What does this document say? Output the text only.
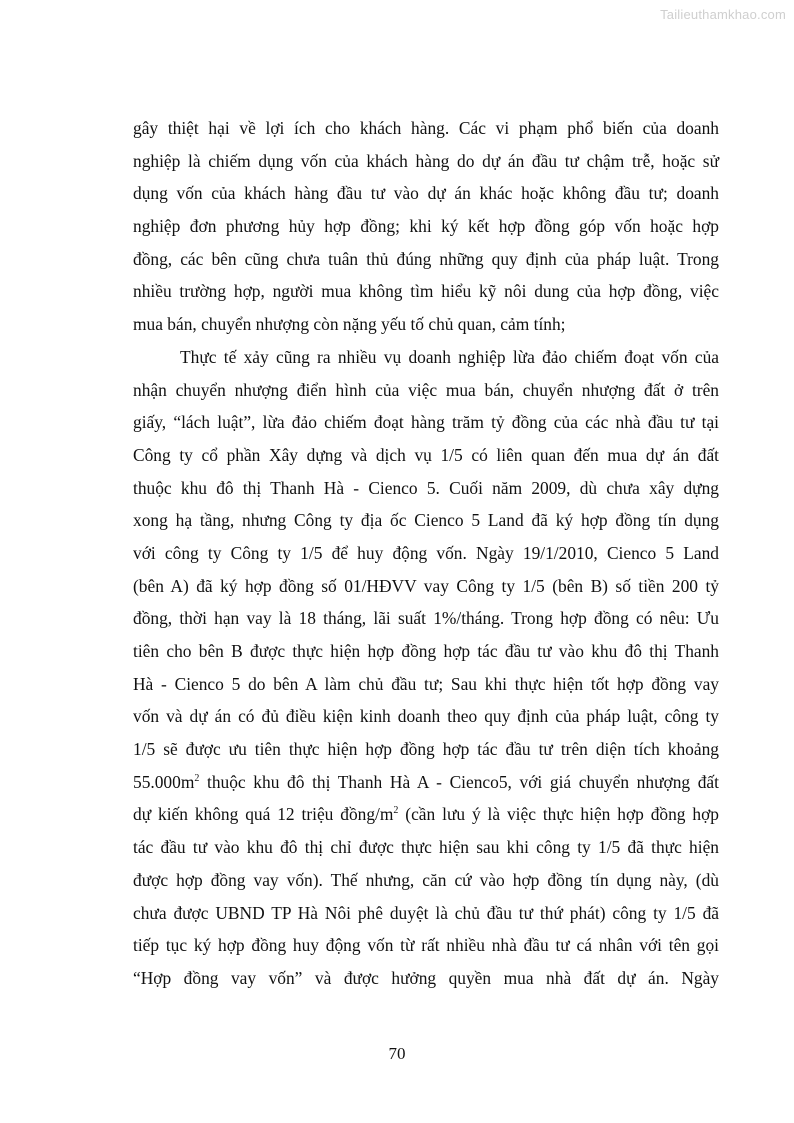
Tailieuthamkhao.com
gây thiệt hại về lợi ích cho khách hàng. Các vi phạm phổ biến của doanh
nghiệp là chiếm dụng vốn của khách hàng do dự án đầu tư chậm trễ, hoặc sử
dụng vốn của khách hàng đầu tư vào dự án khác hoặc không đầu tư; doanh
nghiệp đơn phương hủy hợp đồng; khi ký kết hợp đồng góp vốn hoặc hợp
đồng, các bên cũng chưa tuân thủ đúng những quy định của pháp luật. Trong
nhiều trường hợp, người mua không tìm hiểu kỹ nôi dung của hợp đồng, việc
mua bán, chuyển nhượng còn nặng yếu tố chủ quan, cảm tính;
Thực tế xảy cũng ra nhiều vụ doanh nghiệp lừa đảo chiếm đoạt vốn của
nhận chuyển nhượng điển hình của việc mua bán, chuyển nhượng đất ở trên
giấy, “lách luật”, lừa đảo chiếm đoạt hàng trăm tỷ đồng của các nhà đầu tư tại
Công ty cổ phần Xây dựng và dịch vụ 1/5 có liên quan đến mua dự án đất
thuộc khu đô thị Thanh Hà - Cienco 5. Cuối năm 2009, dù chưa xây dựng
xong hạ tầng, nhưng Công ty địa ốc Cienco 5 Land đã ký hợp đồng tín dụng
với công ty Công ty 1/5 để huy động vốn. Ngày 19/1/2010, Cienco 5 Land
(bên A) đã ký hợp đồng số 01/HĐVV vay Công ty 1/5 (bên B) số tiền 200 tỷ
đồng, thời hạn vay là 18 tháng, lãi suất 1%/tháng. Trong hợp đồng có nêu: Ưu
tiên cho bên B được thực hiện hợp đồng hợp tác đầu tư vào khu đô thị Thanh
Hà - Cienco 5 do bên A làm chủ đầu tư; Sau khi thực hiện tốt hợp đồng vay
vốn và dự án có đủ điều kiện kinh doanh theo quy định của pháp luật, công ty
1/5 sẽ được ưu tiên thực hiện hợp đồng hợp tác đầu tư trên diện tích khoảng
$55.000m^2$ thuộc khu đô thị Thanh Hà A - Cienco5, với giá chuyển nhượng đất
dự kiến không quá 12 triệu đồng/$m^2$ (cần lưu ý là việc thực hiện hợp đồng hợp
tác đầu tư vào khu đô thị chỉ được thực hiện sau khi công ty 1/5 đã thực hiện
được hợp đồng vay vốn). Thế nhưng, căn cứ vào hợp đồng tín dụng này, (dù
chưa được UBND TP Hà Nôi phê duyệt là chủ đầu tư thứ phát) công ty 1/5 đã
tiếp tục ký hợp đồng huy động vốn từ rất nhiều nhà đầu tư cá nhân với tên gọi
“Hợp đồng vay vốn” và được hưởng quyền mua nhà đất dự án. Ngày
70
